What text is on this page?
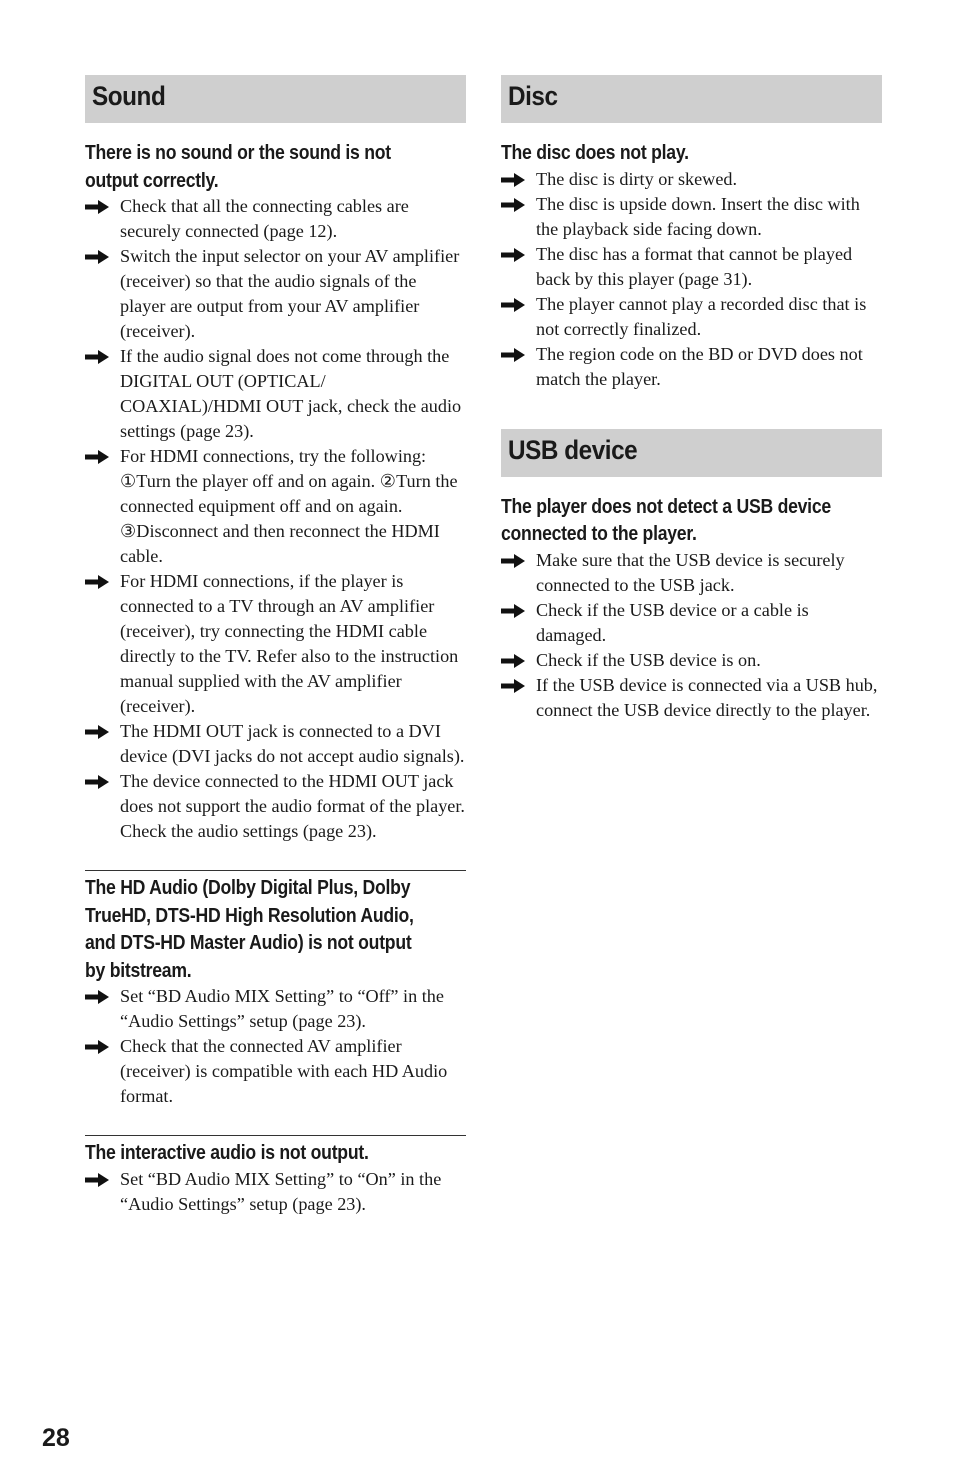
Sound
There is no sound or the sound is not
output correctly.
Check that all the connecting cables are securely connected (page 12).
Switch the input selector on your AV amplifier (receiver) so that the audio signals of the player are output from your AV amplifier (receiver).
If the audio signal does not come through the DIGITAL OUT (OPTICAL/ COAXIAL)/HDMI OUT jack, check the audio settings (page 23).
For HDMI connections, try the following: ①Turn the player off and on again. ②Turn the connected equipment off and on again. ③Disconnect and then reconnect the HDMI cable.
For HDMI connections, if the player is connected to a TV through an AV amplifier (receiver), try connecting the HDMI cable directly to the TV. Refer also to the instruction manual supplied with the AV amplifier (receiver).
The HDMI OUT jack is connected to a DVI device (DVI jacks do not accept audio signals).
The device connected to the HDMI OUT jack does not support the audio format of the player. Check the audio settings (page 23).
The HD Audio (Dolby Digital Plus, Dolby
TrueHD, DTS-HD High Resolution Audio,
and DTS-HD Master Audio) is not output
by bitstream.
Set “BD Audio MIX Setting” to “Off” in the “Audio Settings” setup (page 23).
Check that the connected AV amplifier (receiver) is compatible with each HD Audio format.
The interactive audio is not output.
Set “BD Audio MIX Setting” to “On” in the “Audio Settings” setup (page 23).
Disc
The disc does not play.
The disc is dirty or skewed.
The disc is upside down. Insert the disc with the playback side facing down.
The disc has a format that cannot be played back by this player (page 31).
The player cannot play a recorded disc that is not correctly finalized.
The region code on the BD or DVD does not match the player.
USB device
The player does not detect a USB device
connected to the player.
Make sure that the USB device is securely connected to the USB jack.
Check if the USB device or a cable is damaged.
Check if the USB device is on.
If the USB device is connected via a USB hub, connect the USB device directly to the player.
28
